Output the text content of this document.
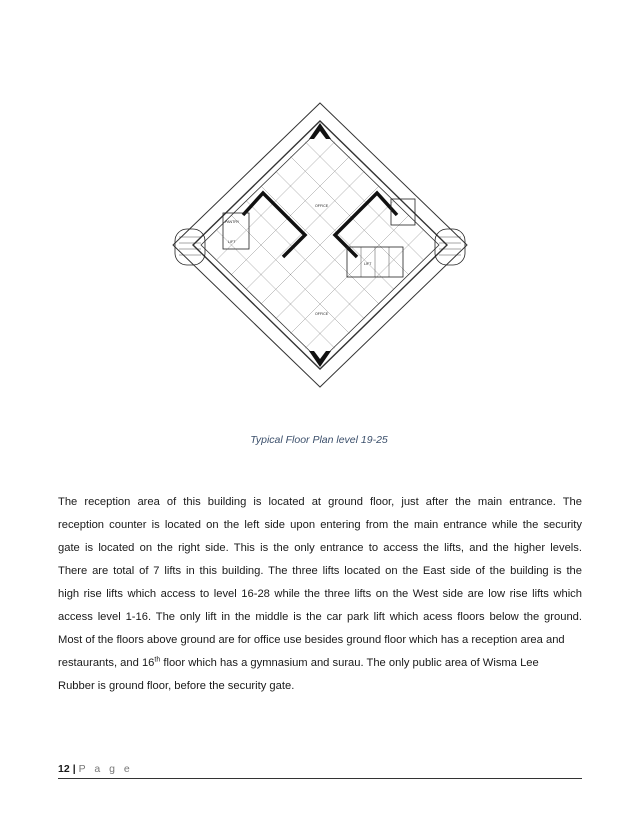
OFFICE
OFFICE
PANTRY
LIFT
LIFT
Typical Floor Plan level 19-25
The reception area of this building is located at ground floor, just after the main entrance. The
reception counter is located on the left side upon entering from the main entrance while the security
gate is located on the right side. This is the only entrance to access the lifts, and the higher levels.
There are total of 7 lifts in this building. The three lifts located on the East side of the building is the
high rise lifts which access to level 16-28 while the three lifts on the West side are low rise lifts which
access level 1-16. The only lift in the middle is the car park lift which acess floors below the ground.
Most of the floors above ground are for office use besides ground floor which has a reception area and
restaurants, and 16 $^{th}$ floor which has a gymnasium and surau. The only public area of Wisma Lee
Rubber is ground floor, before the security gate.
12 | P a g e
